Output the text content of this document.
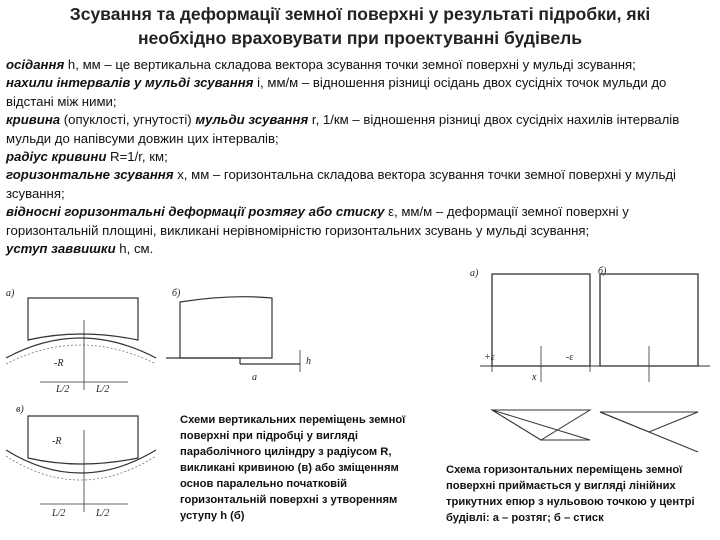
Зсування та деформації земної поверхні у результаті підробки, які
необхідно враховувати при проектуванні будівель

осідання h, мм – це вертикальна складова вектора зсування точки земної поверхні у мульді зсування;

нахили інтервалів у мульді зсування і, мм/м – відношення різниці осідань двох сусідніх точок мульди до відстані між ними;

кривина (опуклості, угнутості) мульди зсування r, 1/км – відношення різниці двох сусідніх нахилів інтервалів мульди до напівсуми довжин цих інтервалів;

радіус кривини R=1/r, км;

горизонтальне зсування x, мм – горизонтальна складова вектора зсування точки земної поверхні у мульді зсування;

відносні горизонтальні деформації розтягу або стиску ε, мм/м – деформації земної поверхні у горизонтальній площині, викликані нерівномірністю горизонтальних зсувань у мульді зсування;

уступ заввишки h, см.

а)
-R
L/2	L/2
б)
h
a
в)
-R
L/2	L/2
Схеми вертикальних переміщень земної поверхні при підробці у вигляді параболічного циліндру з радіусом R, викликані кривиною (в) або зміщенням основ паралельно початковій горизонтальній поверхні з утворенням уступу h (б)
а)	б)
+ε	-ε
x
Схема горизонтальних переміщень земної поверхні приймається у вигляді лінійних трикутних епюр з нульовою точкою у центрі будівлі: а – розтяг; б – стиск
